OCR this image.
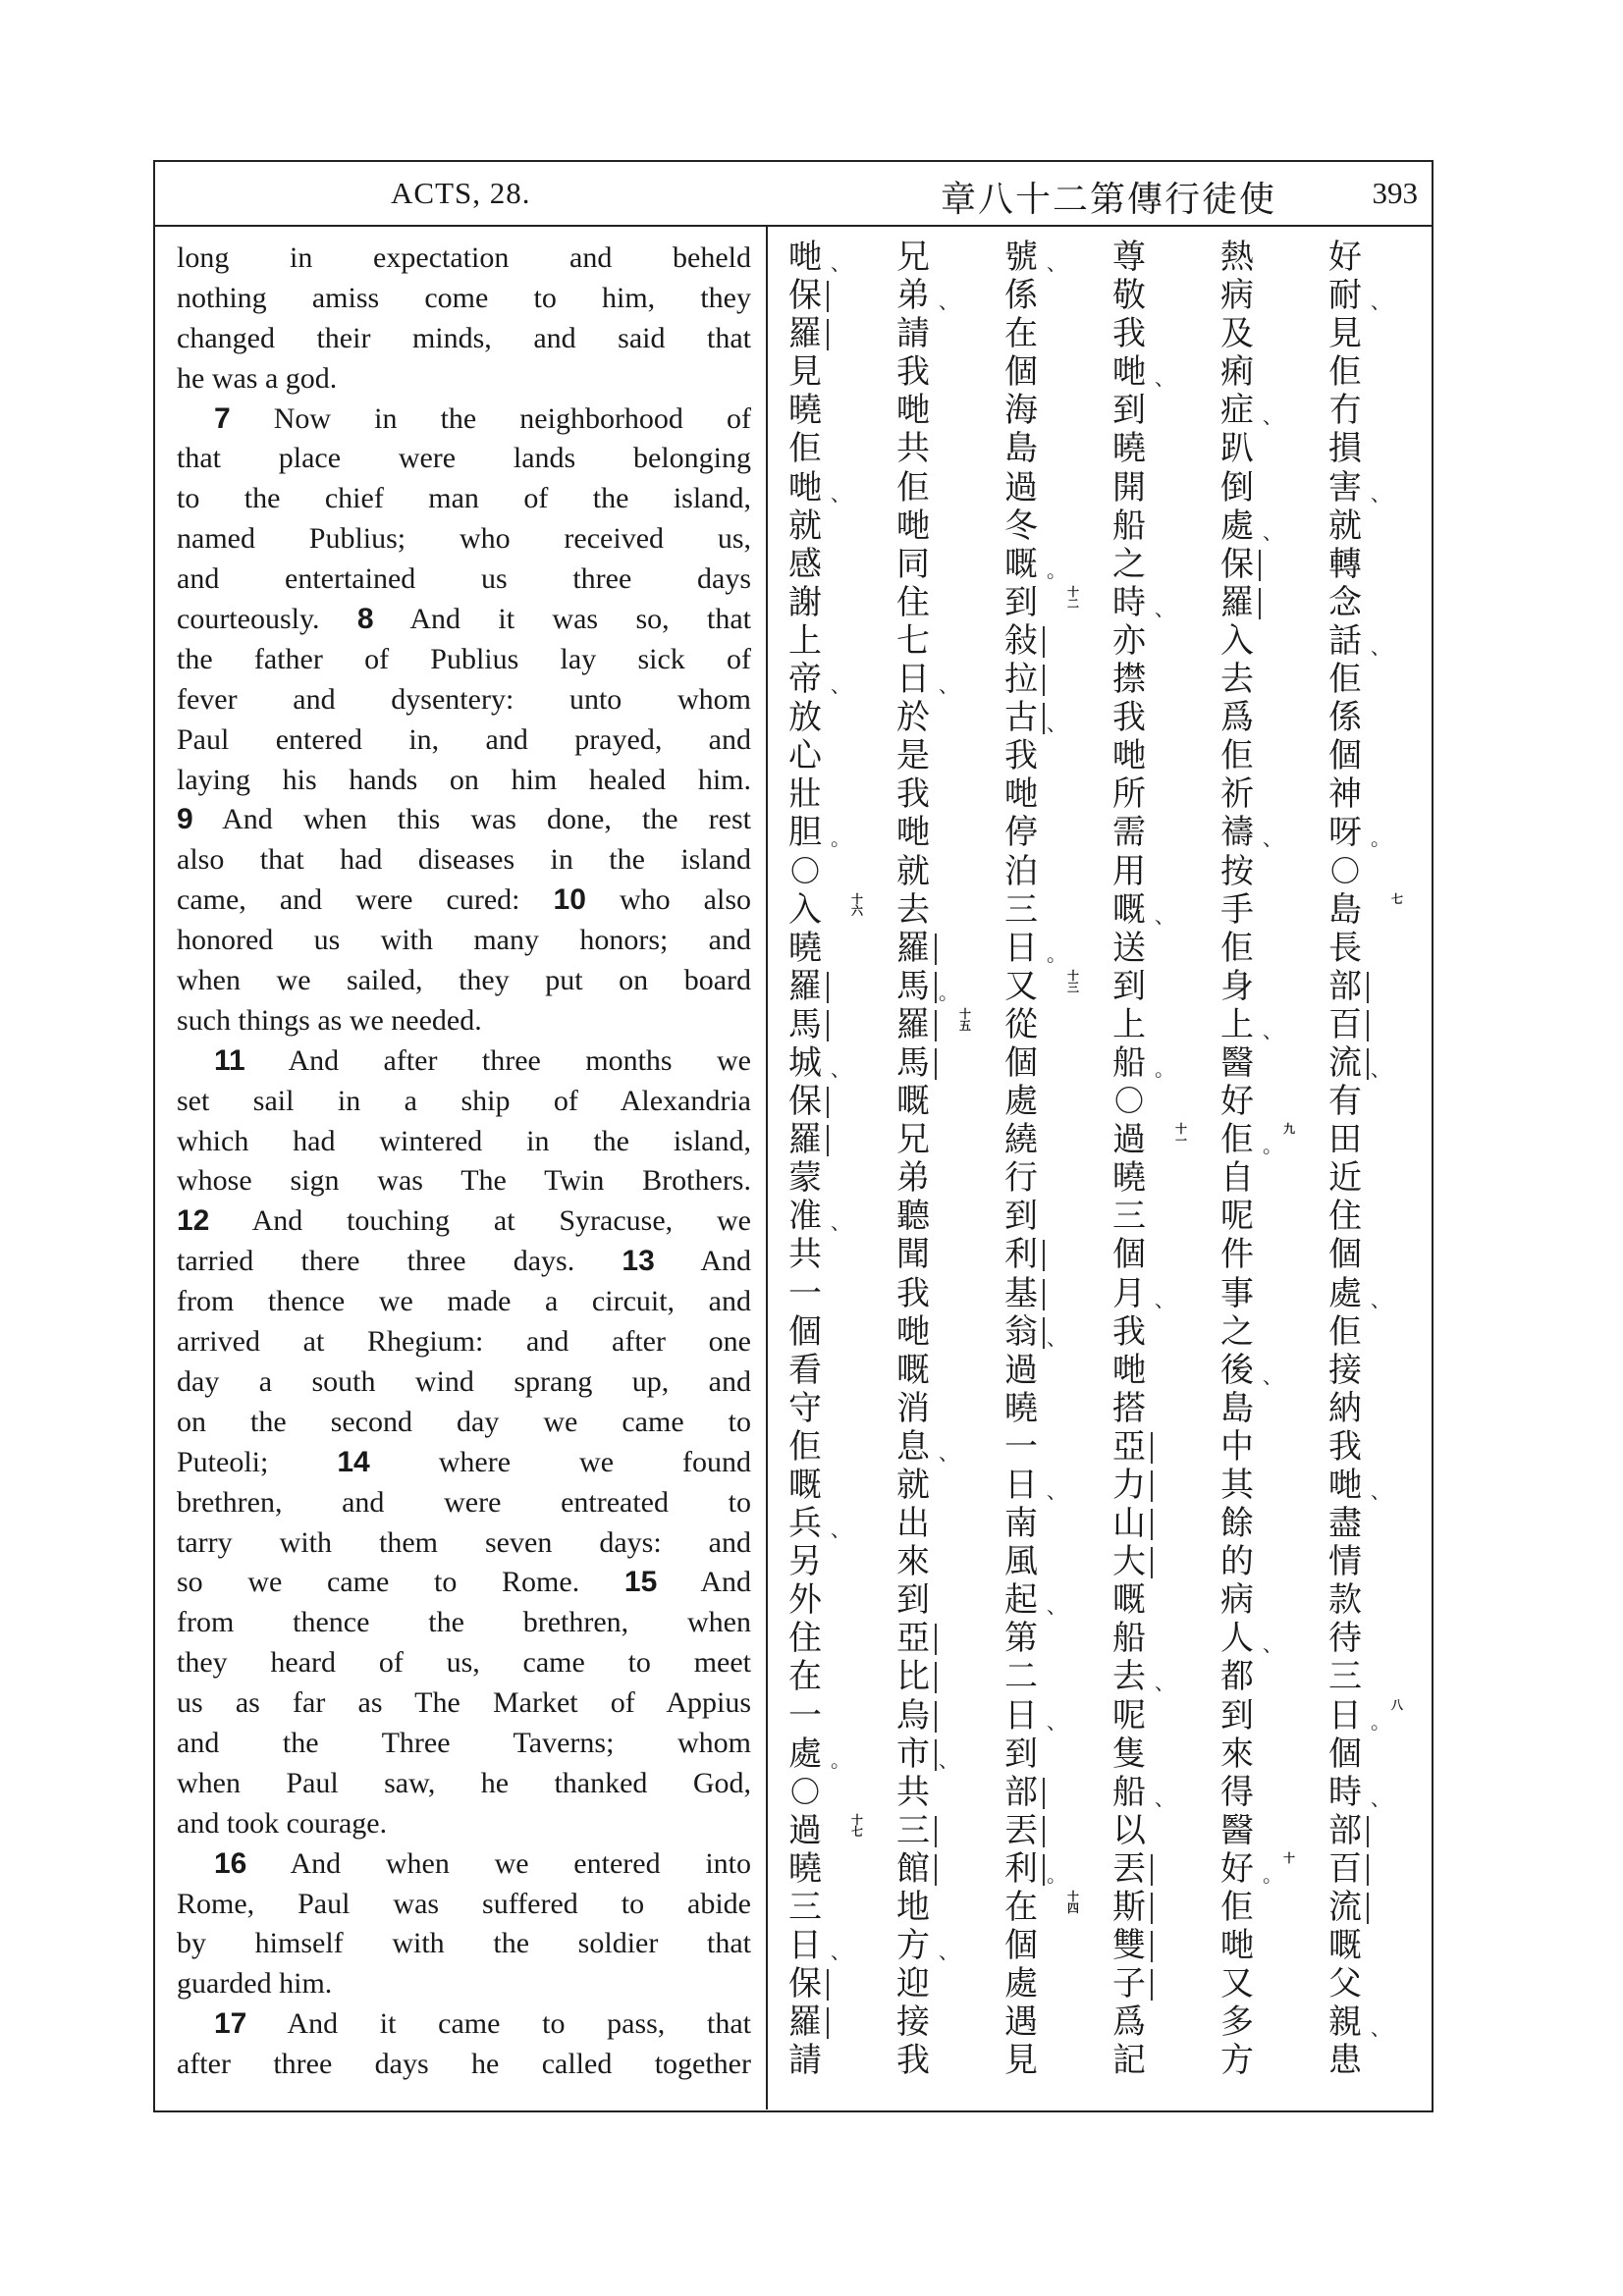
ACTS, 28.	章八十二第傳行徒使	393
long in expectation and beheld
nothing amiss come to him, they
changed their minds, and said that
he was a god.
7 Now in the neighborhood of
that place were lands belonging
to the chief man of the island,
named Publius; who received us,
and entertained us three days
courteously. 8 And it was so, that
the father of Publius lay sick of
fever and dysentery: unto whom
Paul entered in, and prayed, and
laying his hands on him healed him.
9 And when this was done, the rest
also that had diseases in the island
came, and were cured: 10 who also
honored us with many honors; and
when we sailed, they put on board
such things as we needed.
11 And after three months we
set sail in a ship of Alexandria
which had wintered in the island,
whose sign was The Twin Brothers.
12 And touching at Syracuse, we
tarried there three days. 13 And
from thence we made a circuit, and
arrived at Rhegium: and after one
day a south wind sprang up, and
on the second day we came to
Puteoli; 14 where we found
brethren, and were entreated to
tarry with them seven days: and
so we came to Rome. 15 And
from thence the brethren, when
they heard of us, came to meet
us as far as The Market of Appius
and the Three Taverns; whom
when Paul saw, he thanked God,
and took courage.
16 And when we entered into
Rome, Paul was suffered to abide
by himself with the soldier that
guarded him.
17 And it came to pass, that
after three days he called together
好
耐 、
見
佢
冇
損
害 、
就
轉
念
話 、
佢
係
個
神
呀 。
〇
島 七
長
部
百
流 、
有
田
近
住
個
處 、
佢
接
納
我
哋 、
盡
情
款
待
三
日 。
八
個
時 、
部
百
流
嘅
父
親 、
患
熱
病
及
痢
症 、
趴
倒
處 、
保
羅
入
去
爲
佢
祈
禱 、
按
手
佢
身
上 、
醫
好
佢 。
九
自
呢
件
事
之
後 、
島
中
其
餘
的
病
人 、
都
到
來
得
醫
好 。
十
佢
哋
又
多
方
尊
敬
我
哋 、
到
曉
開
船
之
時 、
亦
㩒
我
哋
所
需
用
嘅 、
送
到
上
船 。
〇
過 十一
曉
三
個
月 、
我
哋
搭
亞
力
山
大
嘅
船
去 、
呢
隻
船 、
以
丟
斯
雙
子
爲
記
號 、
係
在
個
海
島
過
冬
嘅 。
到 十二
敍
拉
古 、
我
哋
停
泊
三
日 。
又 十三
從
個
處
繞
行
到
利
基
翁 、
過
曉
一
日 、
南
風
起 、
第
二
日 、
到
部
丟
利 。
在 十四
個
處
遇
見
兄
弟 、
請
我
哋
共
佢
哋
同
住
七
日 、
於
是
我
哋
就
去
羅
馬 。
羅 十五
馬
嘅
兄
弟
聽
聞
我
哋
嘅
消
息 、
就
出
來
到
亞
比
烏
市 、
共
三
館
地
方 、
迎
接
我
哋 、
保
羅
見
曉
佢
哋 、
就
感
謝
上
帝 、
放
心
壯
胆 。
〇
入 十六
曉
羅
馬
城 、
保
羅
蒙
准 、
共
一
個
看
守
佢
嘅
兵 、
另
外
住
在
一
處 。
〇
過 十七
曉
三
日 、
保
羅
請
